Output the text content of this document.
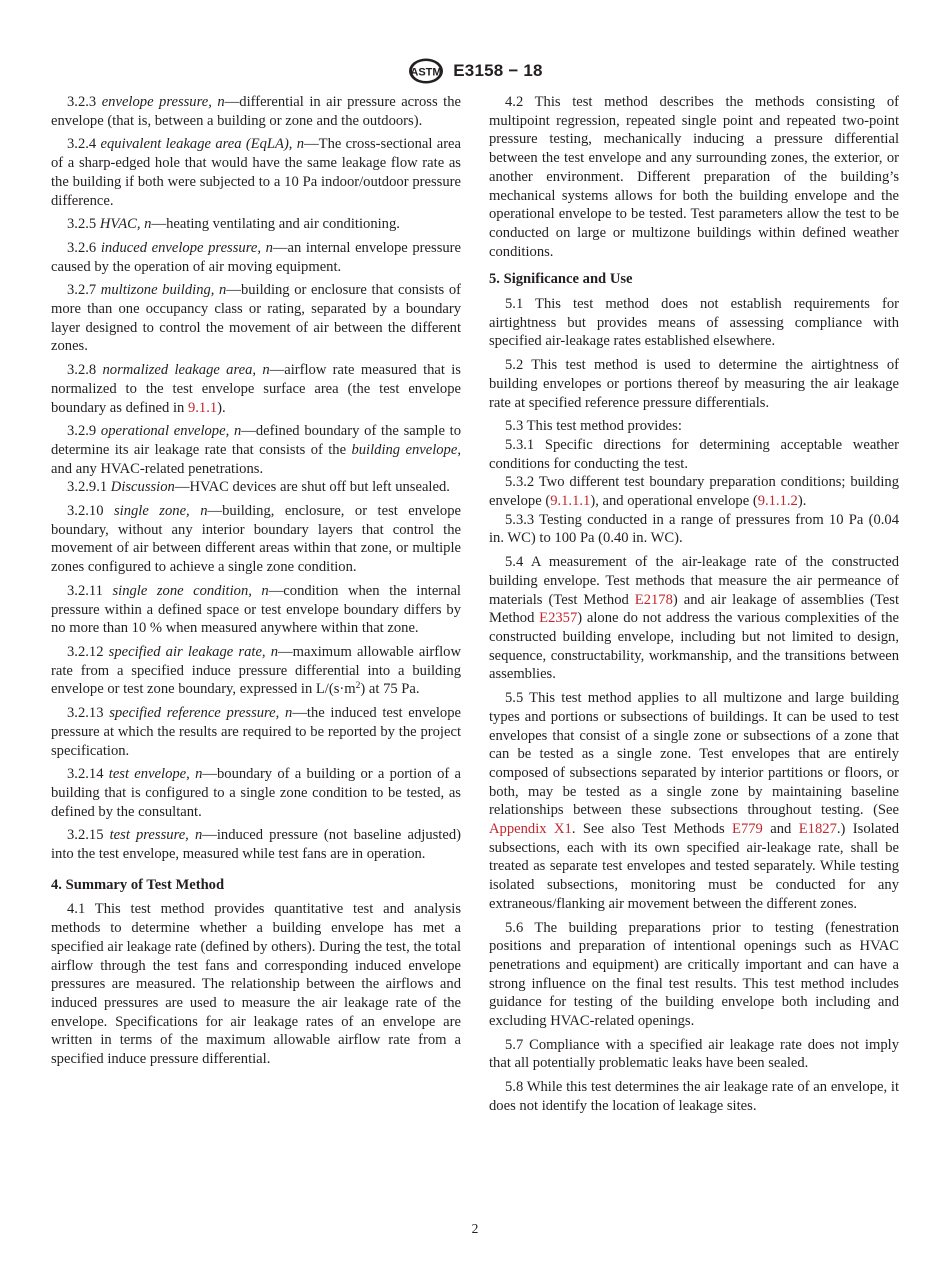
ASTM E3158 − 18

3.2.3 envelope pressure, n—differential in air pressure across the envelope (that is, between a building or zone and the outdoors).

3.2.4 equivalent leakage area (EqLA), n—The cross-sectional area of a sharp-edged hole that would have the same leakage flow rate as the building if both were subjected to a 10 Pa indoor/outdoor pressure difference.

3.2.5 HVAC, n—heating ventilating and air conditioning.

3.2.6 induced envelope pressure, n—an internal envelope pressure caused by the operation of air moving equipment.

3.2.7 multizone building, n—building or enclosure that consists of more than one occupancy class or rating, separated by a boundary layer designed to control the movement of air between the different zones.

3.2.8 normalized leakage area, n—airflow rate measured that is normalized to the test envelope surface area (the test envelope boundary as defined in 9.1.1).

3.2.9 operational envelope, n—defined boundary of the sample to determine its air leakage rate that consists of the building envelope, and any HVAC-related penetrations.

3.2.9.1 Discussion—HVAC devices are shut off but left unsealed.

3.2.10 single zone, n—building, enclosure, or test envelope boundary, without any interior boundary layers that control the movement of air between different areas within that zone, or multiple zones configured to achieve a single zone condition.

3.2.11 single zone condition, n—condition when the internal pressure within a defined space or test envelope boundary differs by no more than 10 % when measured anywhere within that zone.

3.2.12 specified air leakage rate, n—maximum allowable airflow rate from a specified induce pressure differential into a building envelope or test zone boundary, expressed in $L/(s\cdot m^2)$ at 75 Pa.

3.2.13 specified reference pressure, n—the induced test envelope pressure at which the results are required to be reported by the project specification.

3.2.14 test envelope, n—boundary of a building or a portion of a building that is configured to a single zone condition to be tested, as defined by the consultant.

3.2.15 test pressure, n—induced pressure (not baseline adjusted) into the test envelope, measured while test fans are in operation.

4. Summary of Test Method

4.1 This test method provides quantitative test and analysis methods to determine whether a building envelope has met a specified air leakage rate (defined by others). During the test, the total airflow through the test fans and corresponding induced envelope pressures are measured. The relationship between the airflows and induced pressures are used to measure the air leakage rate of the envelope. Specifications for air leakage rates of an envelope are written in terms of the maximum allowable airflow rate from a specified induce pressure differential.

4.2 This test method describes the methods consisting of multipoint regression, repeated single point and repeated two-point pressure testing, mechanically inducing a pressure differential between the test envelope and any surrounding zones, the exterior, or another environment. Different preparation of the building’s mechanical systems allows for both the building envelope and the operational envelope to be tested. Test parameters allow the test to be conducted on large or multizone buildings within defined weather conditions.

5. Significance and Use

5.1 This test method does not establish requirements for airtightness but provides means of assessing compliance with specified air-leakage rates established elsewhere.

5.2 This test method is used to determine the airtightness of building envelopes or portions thereof by measuring the air leakage rate at specified reference pressure differentials.

5.3 This test method provides:

5.3.1 Specific directions for determining acceptable weather conditions for conducting the test.

5.3.2 Two different test boundary preparation conditions; building envelope (9.1.1.1), and operational envelope (9.1.1.2).

5.3.3 Testing conducted in a range of pressures from 10 Pa (0.04 in. WC) to 100 Pa (0.40 in. WC).

5.4 A measurement of the air-leakage rate of the constructed building envelope. Test methods that measure the air permeance of materials (Test Method E2178) and air leakage of assemblies (Test Method E2357) alone do not address the various complexities of the constructed building envelope, including but not limited to design, sequence, constructability, workmanship, and the transitions between assemblies.

5.5 This test method applies to all multizone and large building types and portions or subsections of buildings. It can be used to test envelopes that consist of a single zone or subsections of a zone that can be tested as a single zone. Test envelopes that are entirely composed of subsections separated by interior partitions or floors, or both, may be tested as a single zone by maintaining baseline relationships between these subsections throughout testing. (See Appendix X1. See also Test Methods E779 and E1827.) Isolated subsections, each with its own specified air-leakage rate, shall be treated as separate test envelopes and tested separately. While testing isolated subsections, monitoring must be conducted for any extraneous/flanking air movement between the different zones.

5.6 The building preparations prior to testing (fenestration positions and preparation of intentional openings such as HVAC penetrations and equipment) are critically important and can have a strong influence on the final test results. This test method includes guidance for testing of the building envelope both including and excluding HVAC-related openings.

5.7 Compliance with a specified air leakage rate does not imply that all potentially problematic leaks have been sealed.

5.8 While this test determines the air leakage rate of an envelope, it does not identify the location of leakage sites.

2
